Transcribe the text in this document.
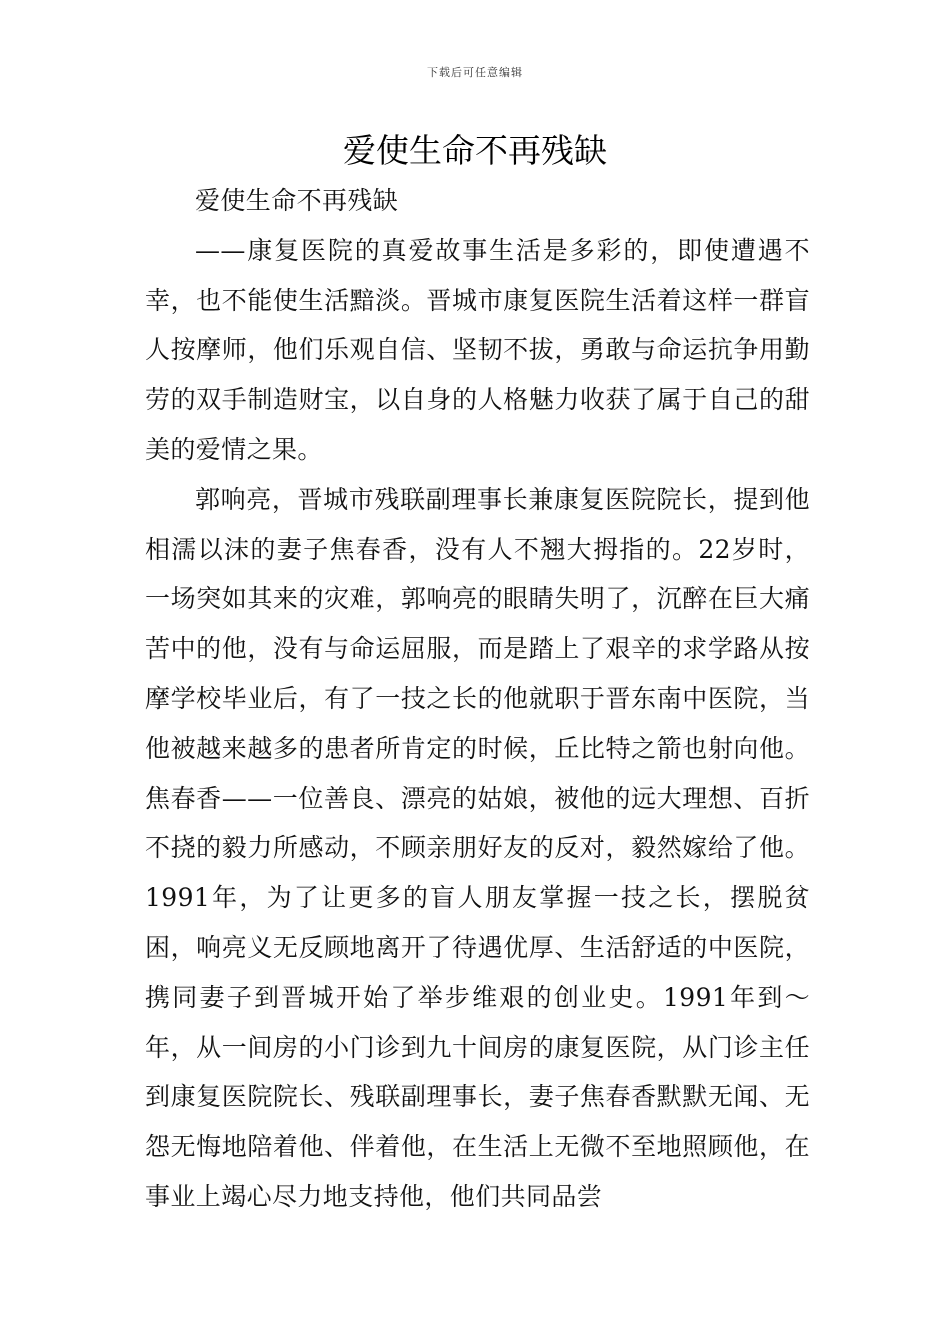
下载后可任意编辑
爱使生命不再残缺

爱使生命不再残缺

——康复医院的真爱故事生活是多彩的，即使遭遇不幸，也不能使生活黯淡。晋城市康复医院生活着这样一群盲人按摩师，他们乐观自信、坚韧不拔，勇敢与命运抗争用勤劳的双手制造财宝，以自身的人格魅力收获了属于自己的甜美的爱情之果。

郭响亮，晋城市残联副理事长兼康复医院院长，提到他相濡以沫的妻子焦春香，没有人不翘大拇指的。22岁时，一场突如其来的灾难，郭响亮的眼睛失明了，沉醉在巨大痛苦中的他，没有与命运屈服，而是踏上了艰辛的求学路从按摩学校毕业后，有了一技之长的他就职于晋东南中医院，当他被越来越多的患者所肯定的时候，丘比特之箭也射向他。焦春香——一位善良、漂亮的姑娘，被他的远大理想、百折不挠的毅力所感动，不顾亲朋好友的反对，毅然嫁给了他。1991年，为了让更多的盲人朋友掌握一技之长，摆脱贫困，响亮义无反顾地离开了待遇优厚、生活舒适的中医院，携同妻子到晋城开始了举步维艰的创业史。1991年到～年，从一间房的小门诊到九十间房的康复医院，从门诊主任到康复医院院长、残联副理事长，妻子焦春香默默无闻、无怨无悔地陪着他、伴着他，在生活上无微不至地照顾他，在事业上竭心尽力地支持他，他们共同品尝
